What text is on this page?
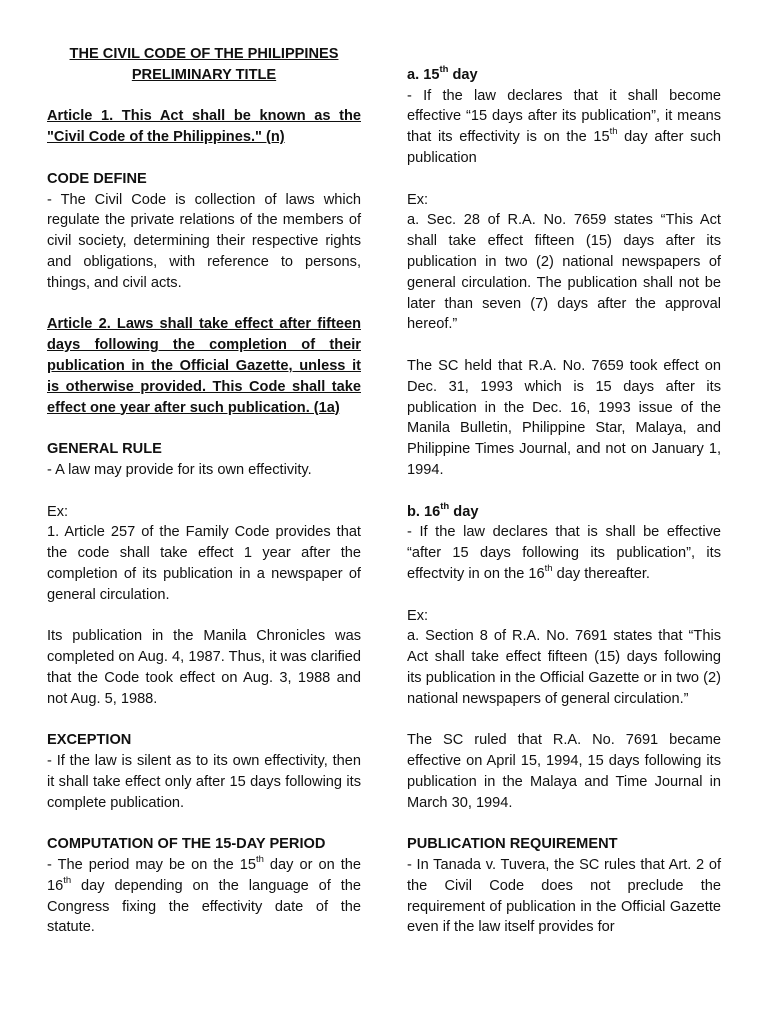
THE CIVIL CODE OF THE PHILIPPINES

PRELIMINARY TITLE

Article 1. This Act shall be known as the "Civil Code of the Philippines." (n)

CODE DEFINE

- The Civil Code is collection of laws which regulate the private relations of the members of civil society, determining their respective rights and obligations, with reference to persons, things, and civil acts.

Article 2. Laws shall take effect after fifteen days following the completion of their publication in the Official Gazette, unless it is otherwise provided. This Code shall take effect one year after such publication. (1a)

GENERAL RULE

- A law may provide for its own effectivity.

Ex:

1. Article 257 of the Family Code provides that the code shall take effect 1 year after the completion of its publication in a newspaper of general circulation.

Its publication in the Manila Chronicles was completed on Aug. 4, 1987. Thus, it was clarified that the Code took effect on Aug. 3, 1988 and not Aug. 5, 1988.

EXCEPTION

- If the law is silent as to its own effectivity, then it shall take effect only after 15 days following its complete publication.

COMPUTATION OF THE 15-DAY PERIOD

- The period may be on the 15th day or on the 16th day depending on the language of the Congress fixing the effectivity date of the statute.

a. 15th day

- If the law declares that it shall become effective “15 days after its publication”, it means that its effectivity is on the 15th day after such publication

Ex:

a. Sec. 28 of R.A. No. 7659 states “This Act shall take effect fifteen (15) days after its publication in two (2) national newspapers of general circulation. The publication shall not be later than seven (7) days after the approval hereof.”

The SC held that R.A. No. 7659 took effect on Dec. 31, 1993 which is 15 days after its publication in the Dec. 16, 1993 issue of the Manila Bulletin, Philippine Star, Malaya, and Philippine Times Journal, and not on January 1, 1994.

b. 16th day

- If the law declares that is shall be effective “after 15 days following its publication”, its effectvity in on the 16th day thereafter.

Ex:

a. Section 8 of R.A. No. 7691 states that “This Act shall take effect fifteen (15) days following its publication in the Official Gazette or in two (2) national newspapers of general circulation.”

The SC ruled that R.A. No. 7691 became effective on April 15, 1994, 15 days following its publication in the Malaya and Time Journal in March 30, 1994.

PUBLICATION REQUIREMENT

- In Tanada v. Tuvera, the SC rules that Art. 2 of the Civil Code does not preclude the requirement of publication in the Official Gazette even if the law itself provides for
